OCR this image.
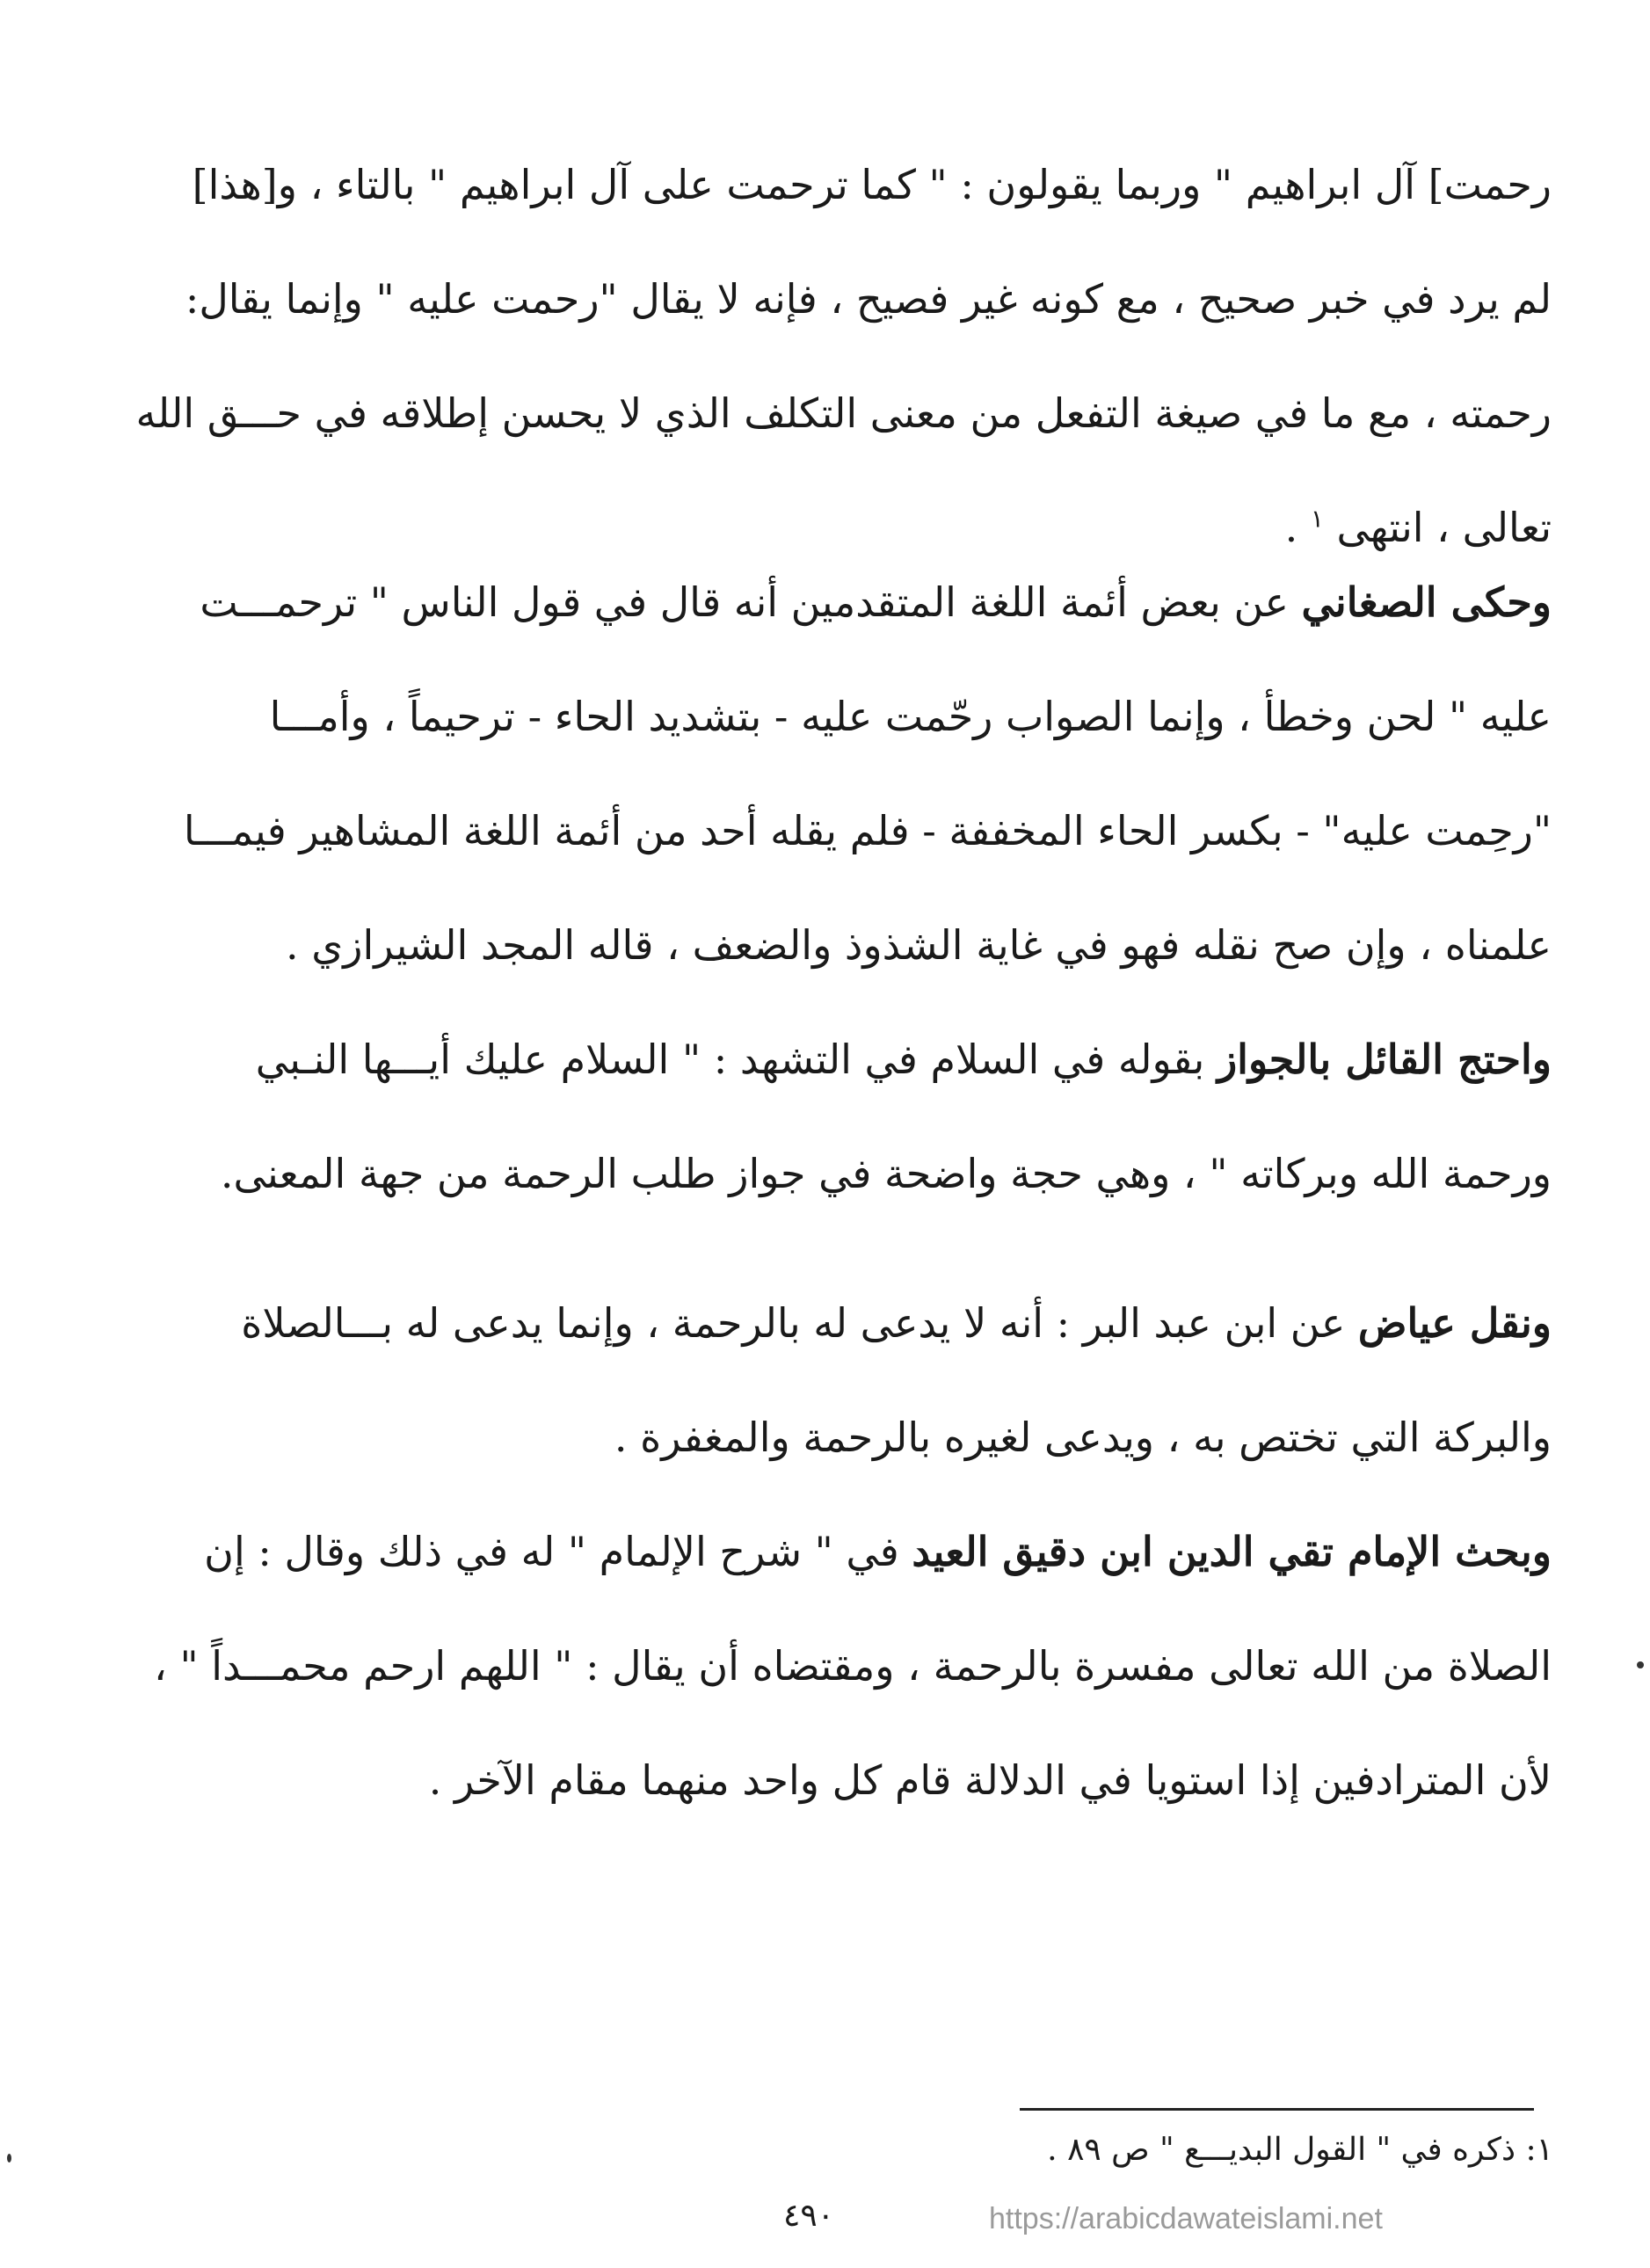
رحمت] آل ابراهيم " وربما يقولون : " كما ترحمت على آل ابراهيم " بالتاء ، و[هذا]
لم يرد في خبر صحيح ، مع كونه غير فصيح ، فإنه لا يقال "رحمت عليه " وإنما يقال:
رحمته ، مع ما في صيغة التفعل من معنى التكلف الذي لا يحسن إطلاقه في حـــق الله
تعالى ، انتهى $^١$ .
وحكى الصغاني عن بعض أئمة اللغة المتقدمين أنه قال في قول الناس " ترحمـــت
عليه " لحن وخطأ ، وإنما الصواب رحّمت عليه - بتشديد الحاء - ترحيماً ، وأمـــا
"رحِمت عليه" - بكسر الحاء المخففة - فلم يقله أحد من أئمة اللغة المشاهير فيمـــا
علمناه ، وإن صح نقله فهو في غاية الشذوذ والضعف ، قاله المجد الشيرازي .
واحتج القائل بالجواز بقوله في السلام في التشهد : " السلام عليك أيـــها النـبي
ورحمة الله وبركاته " ، وهي حجة واضحة في جواز طلب الرحمة من جهة المعنى.
ونقل عياض عن ابن عبد البر : أنه لا يدعى له بالرحمة ، وإنما يدعى له بـــالصلاة
والبركة التي تختص به ، ويدعى لغيره بالرحمة والمغفرة .
وبحث الإمام تقي الدين ابن دقيق العيد في " شرح الإلمام " له في ذلك وقال : إن
الصلاة من الله تعالى مفسرة بالرحمة ، ومقتضاه أن يقال : " اللهم ارحم محمـــداً " ،
لأن المترادفين إذا استويا في الدلالة قام كل واحد منهما مقام الآخر .
١: ذكره في " القول البديـــع " ص ٨٩ .
٤٩٠	https://arabicdawateislami.net
